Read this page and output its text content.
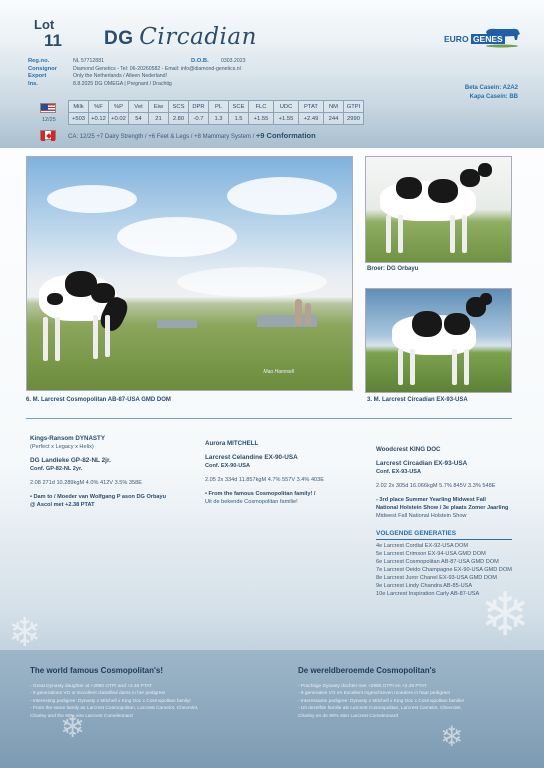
Lot
11 DG Circadian	EURO GENES
Reg.no.	NL 57712881	D.O.B.	0303.2023
Consignor	Diamond Genetics - Tel: 06-20260582 - Email: info@diamond-genetics.nl
Export	Only the Netherlands / Alleen Nederland!
Ins.	8.8.2025 DG OMEGA | Pregnant / Drachtig
Beta Casein: A2A2
Kapa Casein: BB
12/25
Milk	%F	%P	Vet	Eiw	SCS	DPR	PL	SCE	FLC	UDC	PTAT	NM	GTPI
+503	+0.12	+0.02	54	21	2.80	-0.7	1.3	1.5	+1.55	+1.55	+2.49	244	2990
CA: 12/25 +7 Dairy Strength / +6 Feet & Legs / +8 Mammary System / +9 Conformation
Mao Hannsell
6. M. Larcrest Cosmopolitan AB-87-USA GMD DOM
Broer: DG Orbayu
3. M. Larcrest Circadian EX-93-USA
Kings-Ransom DYNASTY
(Perfect x Legacy x Helix)
DG Landieke GP-82-NL 2jr.
Conf. GP-82-NL 2yr.
2.08 271d 10.289kgM 4.0% 412V 3.5% 358E
• Dam to / Moeder van Wolfgang P ason DG Orbayu
@ Ascol met +2.38 PTAT
Aurora MITCHELL
Larcrest Celandine EX-90-USA
Conf. EX-90-USA
2.05 2x 334d 11.857kgM 4.7% 557V 3.4% 403E
• From the famous Cosmopolitan family! /
Uit de bekende Cosmopolitan familie!
Woodcrest KING DOC
Larcrest Circadian EX-93-USA
Conf. EX-93-USA
2.02 2x 305d 16.066kgM 5.7% 845V 3.3% 548E
- 3rd place Summer Yearling Midwest Fall
National Holstein Show / 3e plaats Zomer Jaarling
Midwest Fall National Holstein Show
VOLGENDE GENERATIES
4e Larcrest Cordial EX-92-USA DOM
5e Larcrest Crimson EX-94-USA GMD DOM
6e Larcrest Cosmopolitan AB-87-USA GMD DOM
7e Larcrest Oeido Champagne EX-90-USA GMD DOM
8e Larcrest Juror Chanel EX-93-USA GMD DOM
9e Larcrest Lindy Chandra AB-85-USA
10e Larcrest Inspiration Carly AB-87-USA
❄	❄
❄	❄
The world famous Cosmopolitan's!
- Great Dynasty daughter at +2990 GTPI and +2.49 PTAT
- 9 generations VG or Excellent classified dams in her pedigree!
- Interesting pedigree: Dynasty x Mitchell x King Doc x Cosmopolitan family!
- From the same family as Larcrest Cosmopolitan, Larcrest Camelot, Chevrolet,
Charley and the 90% sire Larcrest Comeleonard
De wereldberoemde Cosmopolitan's
- Prachtige Dynasty dochter met +2990 GTPI en +2.49 PTAT
- 9 generaties VG en Excellent ingeschreven moeders in haar pedigree!
- Interessante pedigree: Dynasty x Mitchell x King Doc x Cosmopolitan familie!
- Uit dezelfde familie als Larcrest Cosmopolitan, Larcrest Camelot, Chevrolet,
Charley en de 90% stier Larcrest Comeleonard
